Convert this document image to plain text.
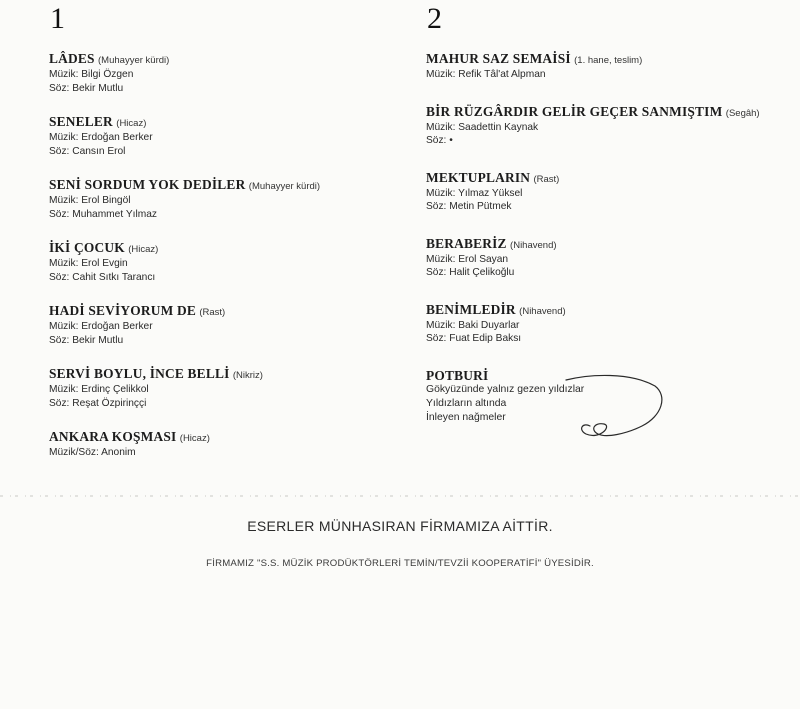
1	2
LÂDES (Muhayyer kürdi)
Müzik: Bilgi Özgen
Söz: Bekir Mutlu
SENELER (Hicaz)
Müzik: Erdoğan Berker
Söz: Cansın Erol
SENİ SORDUM YOK DEDİLER (Muhayyer kürdi)
Müzik: Erol Bingöl
Söz: Muhammet Yılmaz
İKİ ÇOCUK (Hicaz)
Müzik: Erol Evgin
Söz: Cahit Sıtkı Tarancı
HADİ SEVİYORUM DE (Rast)
Müzik: Erdoğan Berker
Söz: Bekir Mutlu
SERVİ BOYLU, İNCE BELLİ (Nikriz)
Müzik: Erdinç Çelikkol
Söz: Reşat Özpirinççi
ANKARA KOŞMASI (Hicaz)
Müzik/Söz: Anonim
MAHUR SAZ SEMAİSİ (1. hane, teslim)
Müzik: Refik Tâl'at Alpman
BİR RÜZGÂRDIR GELİR GEÇER SANMIŞTIM (Segâh)
Müzik: Saadettin Kaynak
Söz: •
MEKTUPLARIN (Rast)
Müzik: Yılmaz Yüksel
Söz: Metin Pütmek
BERABERİZ (Nihavend)
Müzik: Erol Sayan
Söz: Halit Çelikoğlu
BENİMLEDİR (Nihavend)
Müzik: Baki Duyarlar
Söz: Fuat Edip Baksı
POTBURİ
Gökyüzünde yalnız gezen yıldızlar
Yıldızların altında
İnleyen nağmeler
ESERLER MÜNHASIRAN FİRMAMIZA AİTTİR.
FİRMAMIZ "S.S. MÜZİK PRODÜKTÖRLERİ TEMİN/TEVZİİ KOOPERATİFİ" ÜYESİDİR.
